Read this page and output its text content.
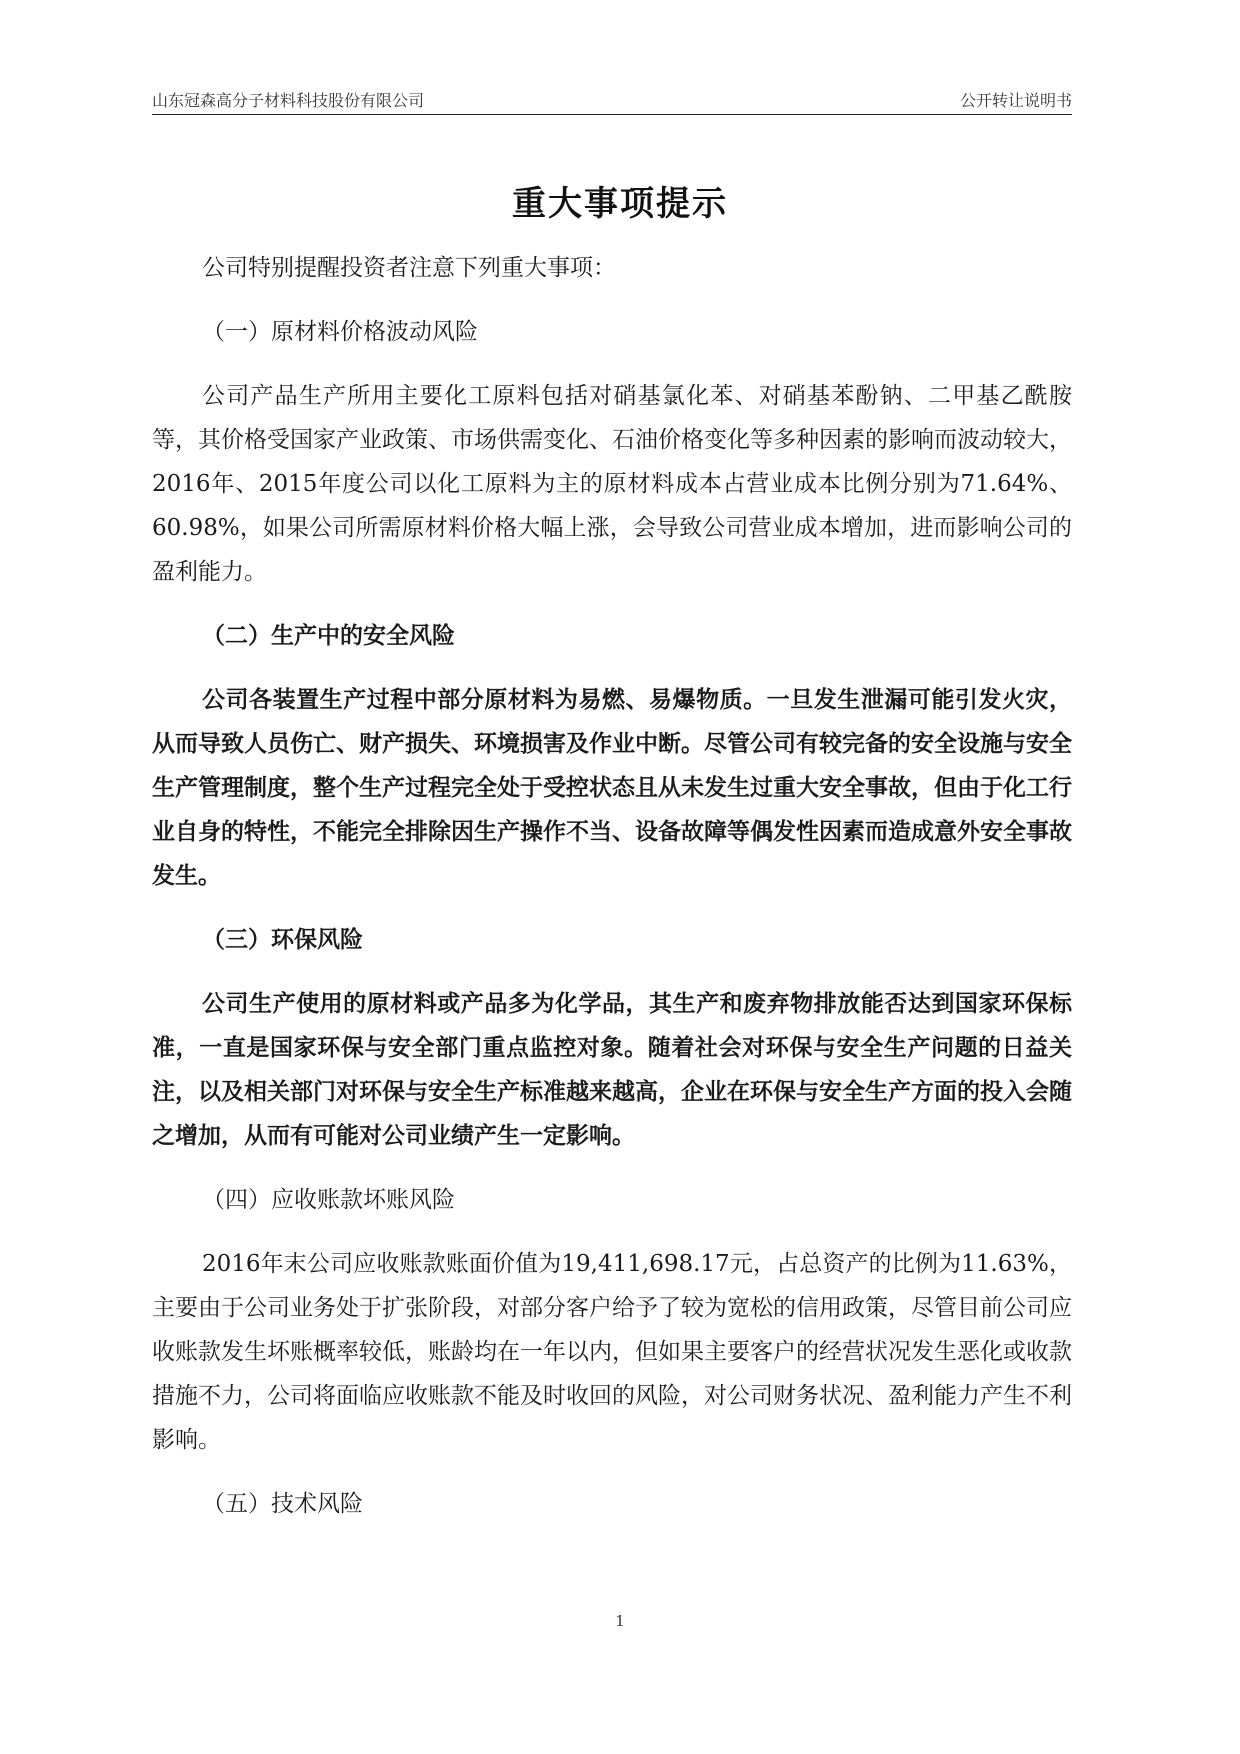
山东冠森高分子材料科技股份有限公司	公开转让说明书
重大事项提示

公司特别提醒投资者注意下列重大事项：

（一）原材料价格波动风险

公司产品生产所用主要化工原料包括对硝基氯化苯、对硝基苯酚钠、二甲基乙酰胺等，其价格受国家产业政策、市场供需变化、石油价格变化等多种因素的影响而波动较大，2016年、2015年度公司以化工原料为主的原材料成本占营业成本比例分别为71.64%、60.98%，如果公司所需原材料价格大幅上涨，会导致公司营业成本增加，进而影响公司的盈利能力。

（二）生产中的安全风险

公司各装置生产过程中部分原材料为易燃、易爆物质。一旦发生泄漏可能引发火灾，从而导致人员伤亡、财产损失、环境损害及作业中断。尽管公司有较完备的安全设施与安全生产管理制度，整个生产过程完全处于受控状态且从未发生过重大安全事故，但由于化工行业自身的特性，不能完全排除因生产操作不当、设备故障等偶发性因素而造成意外安全事故发生。

（三）环保风险

公司生产使用的原材料或产品多为化学品，其生产和废弃物排放能否达到国家环保标准，一直是国家环保与安全部门重点监控对象。随着社会对环保与安全生产问题的日益关注，以及相关部门对环保与安全生产标准越来越高，企业在环保与安全生产方面的投入会随之增加，从而有可能对公司业绩产生一定影响。

（四）应收账款坏账风险

2016年末公司应收账款账面价值为19,411,698.17元，占总资产的比例为11.63%，主要由于公司业务处于扩张阶段，对部分客户给予了较为宽松的信用政策，尽管目前公司应收账款发生坏账概率较低，账龄均在一年以内，但如果主要客户的经营状况发生恶化或收款措施不力，公司将面临应收账款不能及时收回的风险，对公司财务状况、盈利能力产生不利影响。

（五）技术风险

1
